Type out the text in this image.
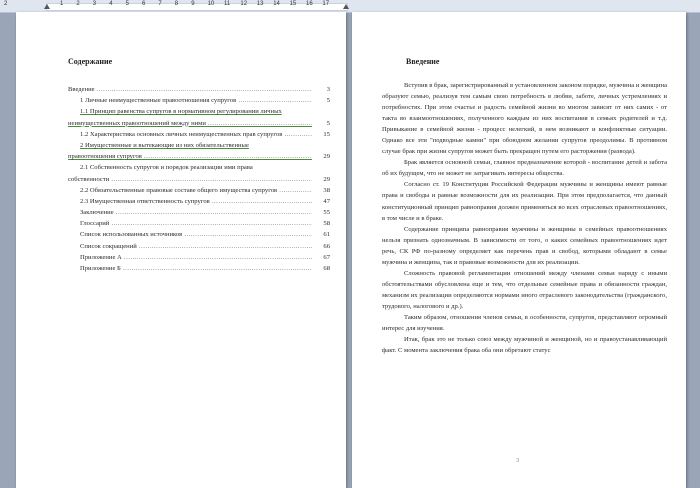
2	1 2 3 4 5 6 7 8 9 10 11 12 13 14 15 16 17
Содержание
Введение .....	3
1 Личные неимущественные правоотношения супругов .....	5
1.1 Принцип равенства супругов в нормативном регулировании личных
неимущественных правоотношений между ними .....	5
1.2 Характеристика основных личных неимущественных прав супругов .....	15
2 Имущественные и вытекающие из них обязательственные
правоотношения супругов .....	29
2.1 Собственность супругов и порядок реализации ими права
собственности .....	29
2.2 Обязательственные правовые составе общего имущества супругов .....	38
2.3 Имущественная ответственность супругов .....	47
Заключение .....	55
Глоссарий .....	58
Список использованных источников .....	61
Список сокращений .....	66
Приложение А .....	67
Приложение Б .....	68
Введение

Вступив в брак, зарегистрированный в установленном законом порядке, мужчина и женщина образуют семью, реализуя тем самым свою потребность в любви, заботе, личных устремлениях и потребностях. При этом счастье и радость семейной жизни во многом зависят от них самих - от такта во взаимоотношениях, полученного каждым из них воспитания в семьях родителей и т.д. Привыкание в семейной жизни - процесс нелегкий, в нем возникают и конфликтные ситуации. Однако все эти "подводные камни" при обоюдном желании супругов преодолимы. В противном случае брак при жизни супругов может быть прекращен путем его расторжения (развода).

Брак является основной семьи, главное предназначение которой - воспитание детей и забота об их будущем, что не может не затрагивать интересы общества.

Согласно ст. 19 Конституции Российской Федерации мужчины и женщины имеют равные права и свободы и равные возможности для их реализации. При этом предполагается, что данный конституционный принцип равноправия должен применяться во всех отраслевых правоотношениях, в том числе и в браке.

Содержание принципа равноправия мужчины и женщины в семейных правоотношениях нельзя признать однозначным. В зависимости от того, о каких семейных правоотношениях идет речь, СК РФ по-разному определяет как перечень прав и свобод, которыми обладают в семье мужчина и женщина, так и правовые возможности для их реализации.

Сложность правовой регламентации отношений между членами семьи наряду с иными обстоятельствами обусловлена еще и тем, что отдельные семейные права и обязанности граждан, механизм их реализации определяются нормами иного отраслевого законодательства (гражданского, трудового, налогового и др.).

Таким образом, отношения членов семьи, в особенности, супругов, представляют огромный интерес для изучения.

Итак, брак это не только союз между мужчиной и женщиной, но и правоустанавливающий факт. С момента заключения брака оба они обретают статус

3
